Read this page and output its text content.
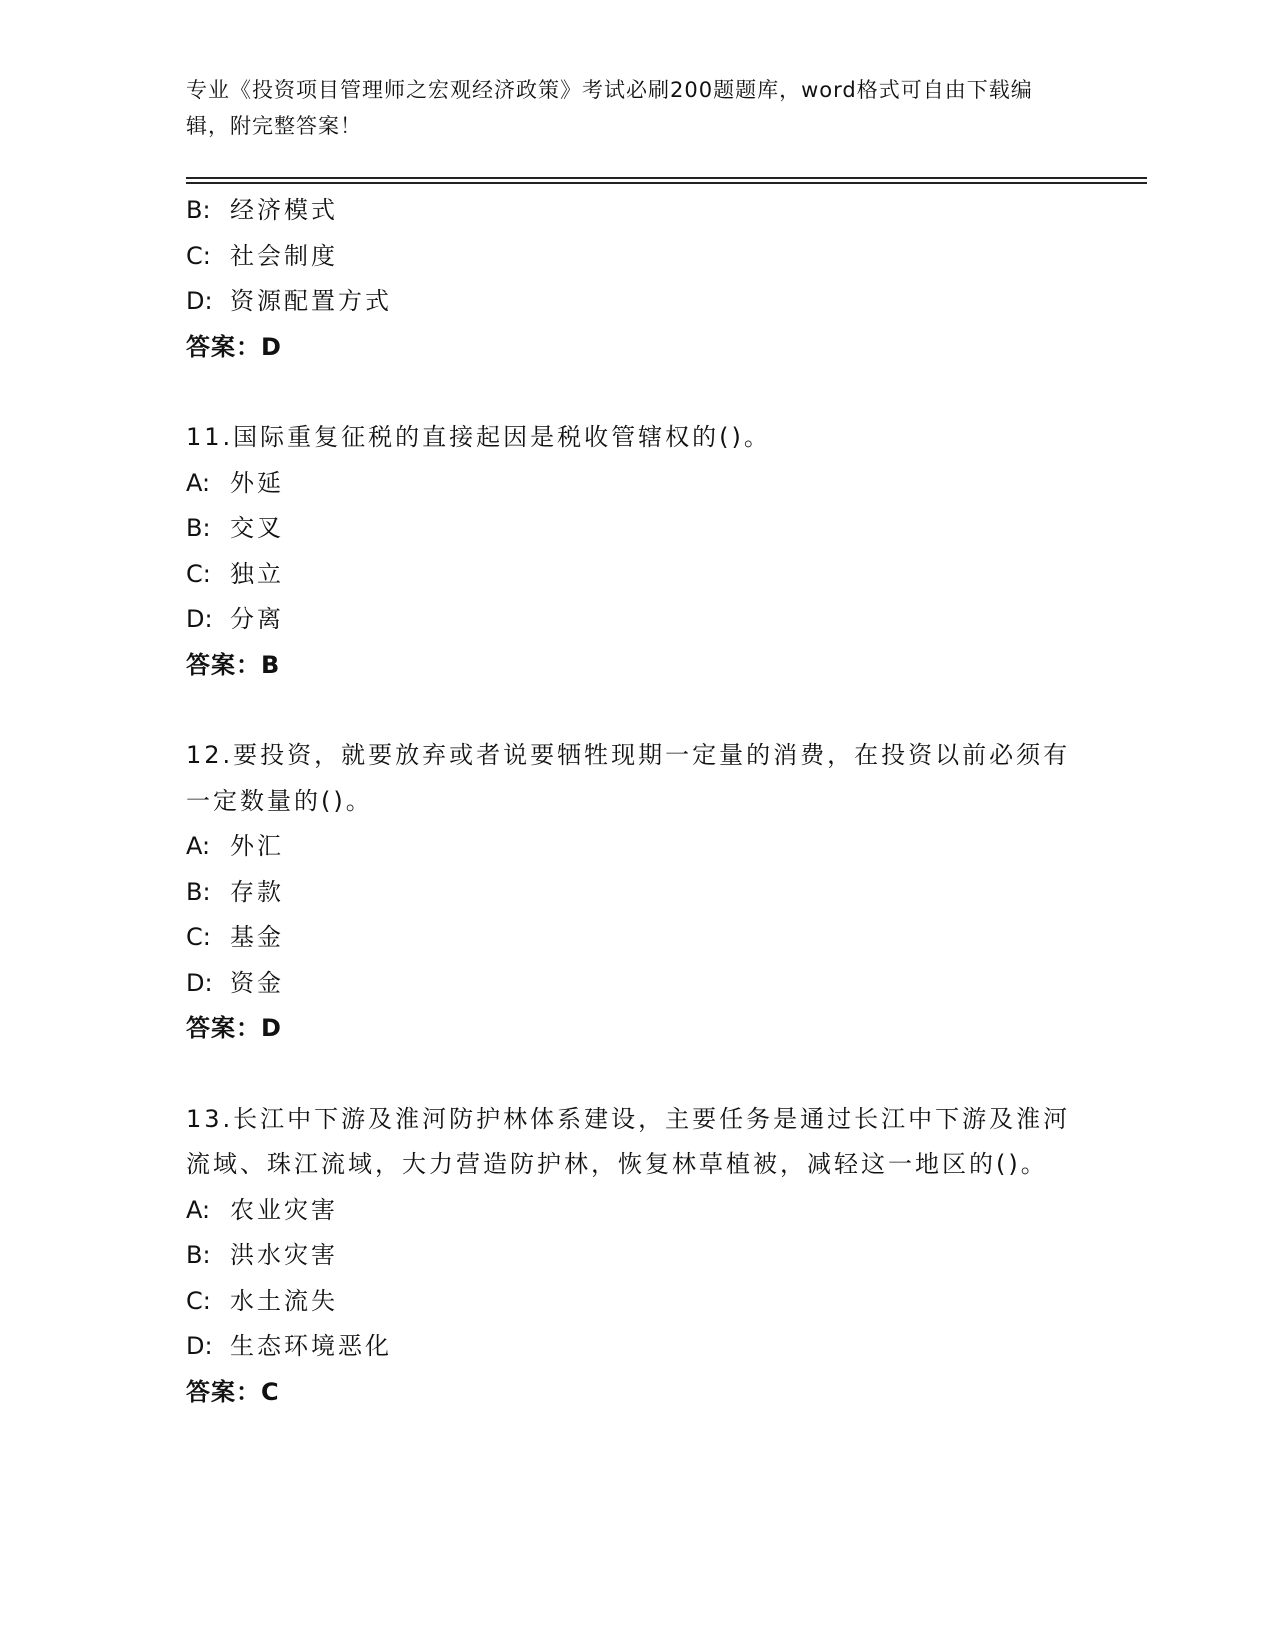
专业《投资项目管理师之宏观经济政策》考试必刷200题题库，word格式可自由下载编辑，附完整答案！
B: 经济模式
C: 社会制度
D: 资源配置方式
答案：D
11.国际重复征税的直接起因是税收管辖权的()。
A: 外延
B: 交叉
C: 独立
D: 分离
答案：B
12.要投资，就要放弃或者说要牺牲现期一定量的消费，在投资以前必须有一定数量的()。
A: 外汇
B: 存款
C: 基金
D: 资金
答案：D
13.长江中下游及淮河防护林体系建设，主要任务是通过长江中下游及淮河流域、珠江流域，大力营造防护林，恢复林草植被，减轻这一地区的()。
A: 农业灾害
B: 洪水灾害
C: 水土流失
D: 生态环境恶化
答案：C
